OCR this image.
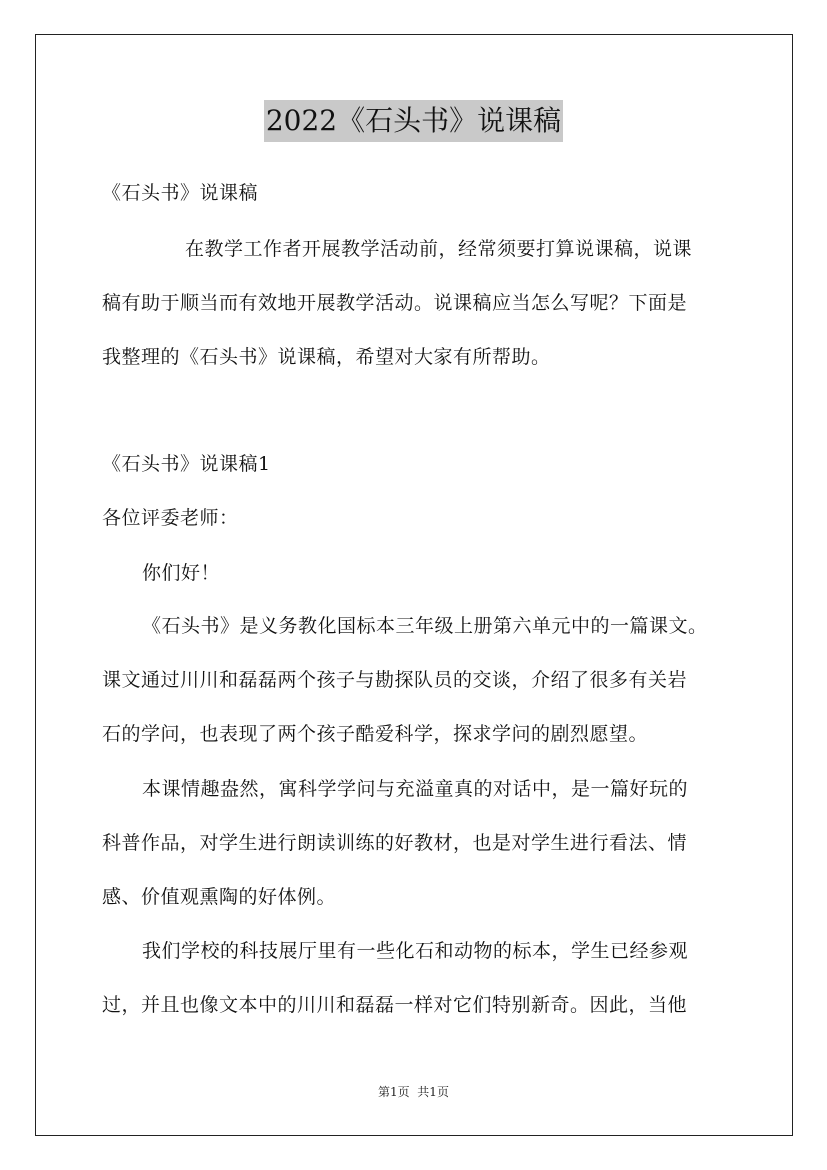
2022《石头书》说课稿
《石头书》说课稿
在教学工作者开展教学活动前，经常须要打算说课稿，说课
稿有助于顺当而有效地开展教学活动。说课稿应当怎么写呢？下面是
我整理的《石头书》说课稿，希望对大家有所帮助。
《石头书》说课稿1
各位评委老师：
你们好！
《石头书》是义务教化国标本三年级上册第六单元中的一篇课文。
课文通过川川和磊磊两个孩子与勘探队员的交谈，介绍了很多有关岩
石的学问，也表现了两个孩子酷爱科学，探求学问的剧烈愿望。
本课情趣盎然，寓科学学问与充溢童真的对话中，是一篇好玩的
科普作品，对学生进行朗读训练的好教材，也是对学生进行看法、情
感、价值观熏陶的好体例。
我们学校的科技展厅里有一些化石和动物的标本，学生已经参观
过，并且也像文本中的川川和磊磊一样对它们特别新奇。因此，当他
第1页  共1页
